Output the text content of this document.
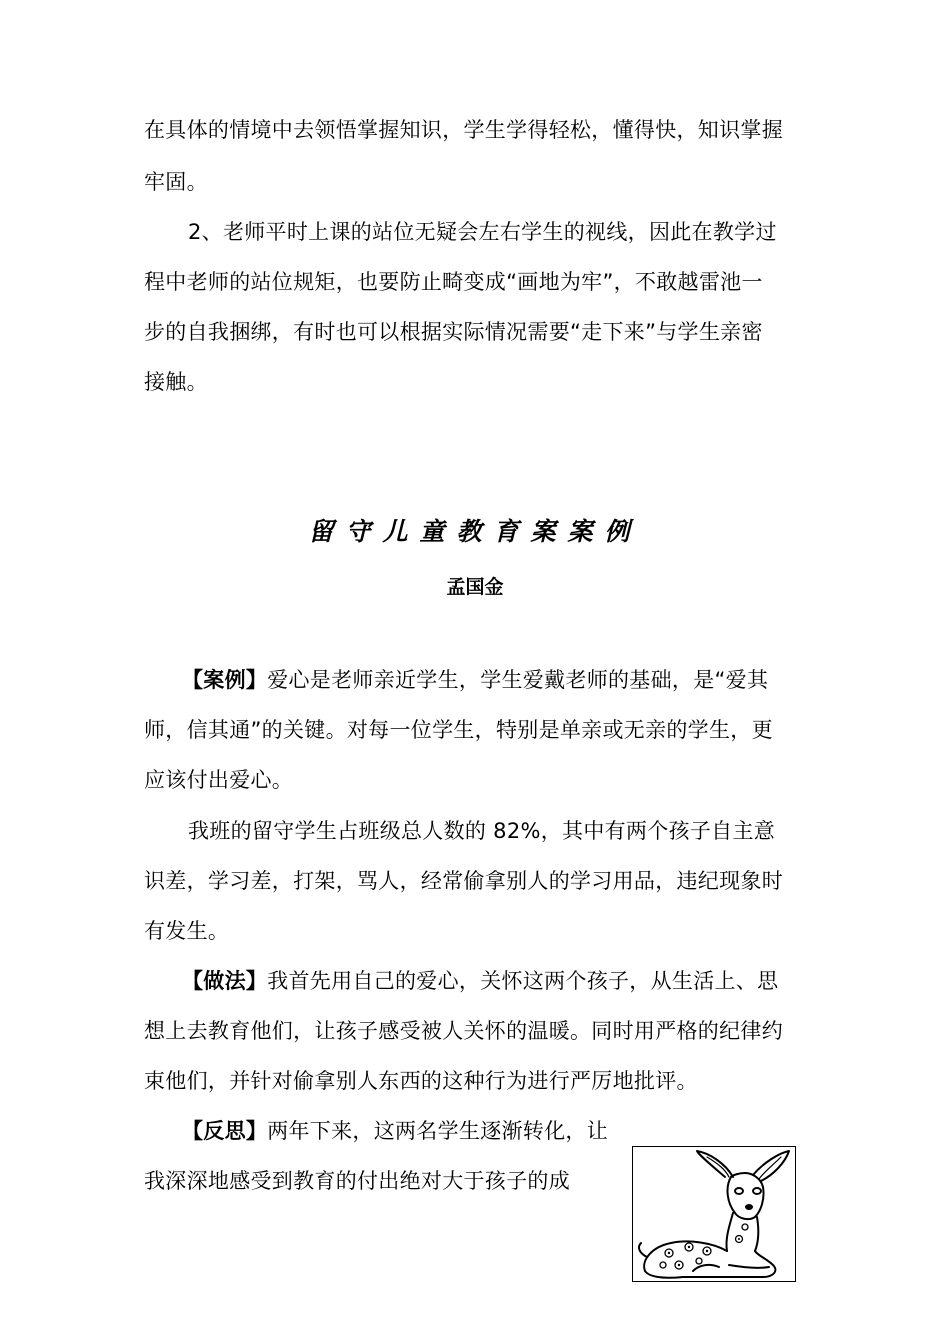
在具体的情境中去领悟掌握知识，学生学得轻松，懂得快，知识掌握
牢固。
2、老师平时上课的站位无疑会左右学生的视线，因此在教学过
程中老师的站位规矩，也要防止畸变成“画地为牢”，不敢越雷池一
步的自我捆绑，有时也可以根据实际情况需要“走下来”与学生亲密
接触。
留守儿童教育案案例
孟国金
【案例】爱心是老师亲近学生，学生爱戴老师的基础，是“爱其
师，信其通”的关键。对每一位学生，特别是单亲或无亲的学生，更
应该付出爱心。
我班的留守学生占班级总人数的 82%，其中有两个孩子自主意
识差，学习差，打架，骂人，经常偷拿别人的学习用品，违纪现象时
有发生。
【做法】我首先用自己的爱心，关怀这两个孩子，从生活上、思
想上去教育他们，让孩子感受被人关怀的温暖。同时用严格的纪律约
束他们，并针对偷拿别人东西的这种行为进行严厉地批评。
【反思】两年下来，这两名学生逐渐转化，让
我深深地感受到教育的付出绝对大于孩子的成
